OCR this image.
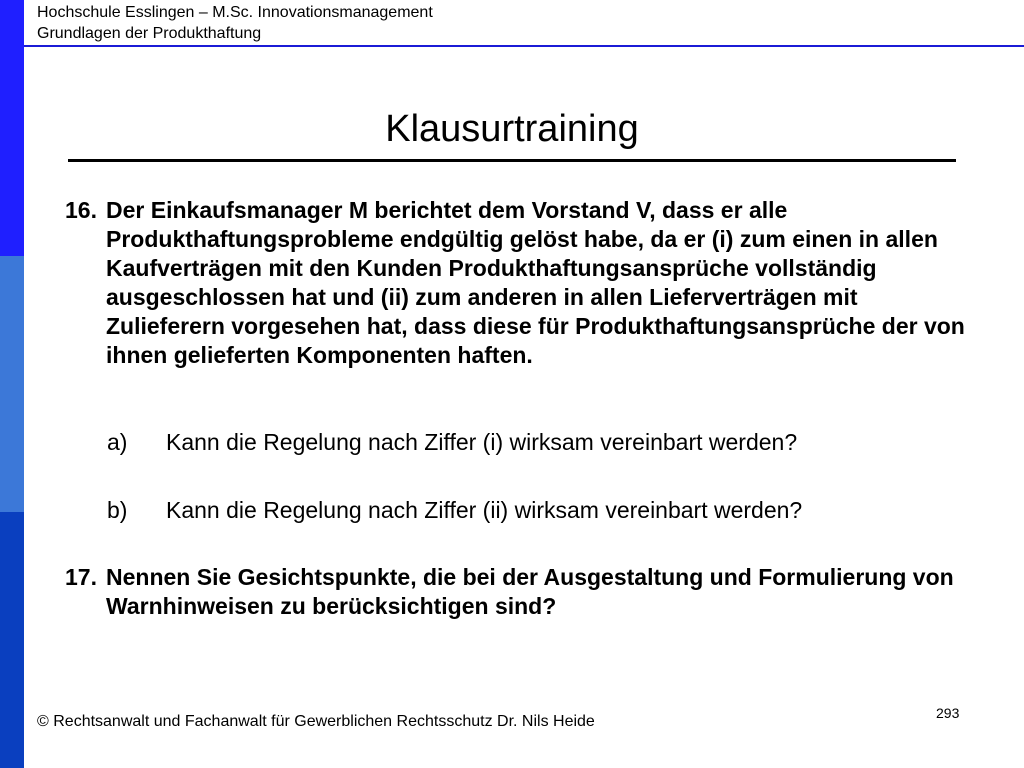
Hochschule Esslingen – M.Sc. Innovationsmanagement
Grundlagen der Produkthaftung
Klausurtraining
16. Der Einkaufsmanager M berichtet dem Vorstand V, dass er alle Produkthaftungsprobleme endgültig gelöst habe, da er (i) zum einen in allen Kaufverträgen mit den Kunden Produkthaftungsansprüche vollständig ausgeschlossen hat und (ii) zum anderen in allen Lieferverträgen mit Zulieferern vorgesehen hat, dass diese für Produkthaftungsansprüche der von ihnen gelieferten Komponenten haften.
a) Kann die Regelung nach Ziffer (i) wirksam vereinbart werden?
b) Kann die Regelung nach Ziffer (ii) wirksam vereinbart werden?
17. Nennen Sie Gesichtspunkte, die bei der Ausgestaltung und Formulierung von Warnhinweisen zu berücksichtigen sind?
293
© Rechtsanwalt und Fachanwalt für Gewerblichen Rechtsschutz Dr. Nils Heide
